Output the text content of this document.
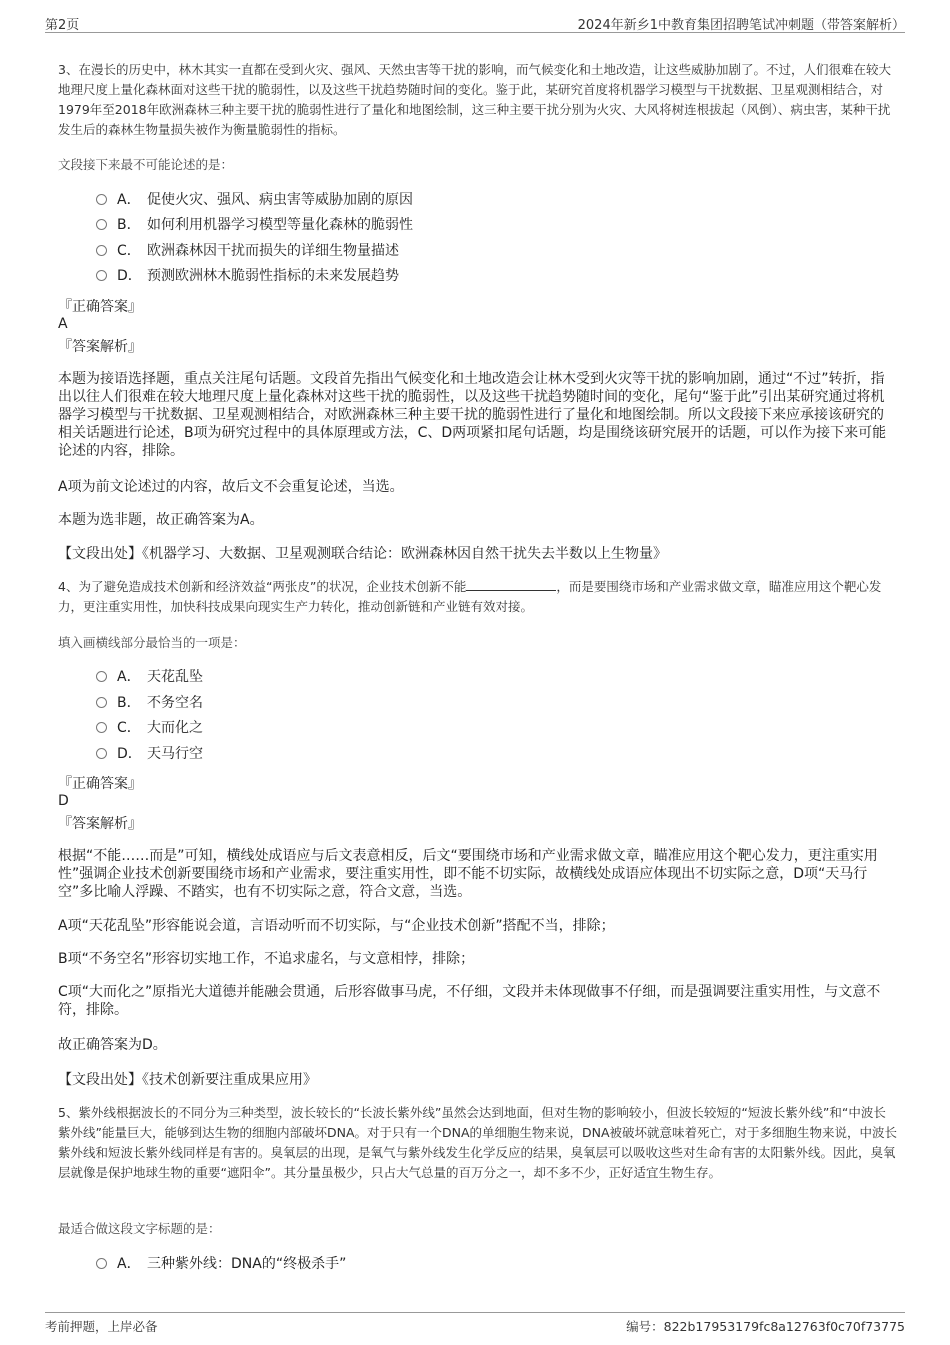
第2页	2024年新乡1中教育集团招聘笔试冲刺题（带答案解析）
3、在漫长的历史中，林木其实一直都在受到火灾、强风、天然虫害等干扰的影响，而气候变化和土地改造，让这些威胁加剧了。不过，人们很难在较大地理尺度上量化森林面对这些干扰的脆弱性，以及这些干扰趋势随时间的变化。鉴于此，某研究首度将机器学习模型与干扰数据、卫星观测相结合，对1979年至2018年欧洲森林三种主要干扰的脆弱性进行了量化和地图绘制，这三种主要干扰分别为火灾、大风将树连根拔起（风倒）、病虫害，某种干扰发生后的森林生物量损失被作为衡量脆弱性的指标。
文段接下来最不可能论述的是：
A． 促使火灾、强风、病虫害等威胁加剧的原因
B． 如何利用机器学习模型等量化森林的脆弱性
C． 欧洲森林因干扰而损失的详细生物量描述
D． 预测欧洲林木脆弱性指标的未来发展趋势
『正确答案』
A
『答案解析』
本题为接语选择题，重点关注尾句话题。文段首先指出气候变化和土地改造会让林木受到火灾等干扰的影响加剧，通过“不过”转折，指出以往人们很难在较大地理尺度上量化森林对这些干扰的脆弱性，以及这些干扰趋势随时间的变化，尾句“鉴于此”引出某研究通过将机器学习模型与干扰数据、卫星观测相结合，对欧洲森林三种主要干扰的脆弱性进行了量化和地图绘制。所以文段接下来应承接该研究的相关话题进行论述，B项为研究过程中的具体原理或方法，C、D两项紧扣尾句话题，均是围绕该研究展开的话题，可以作为接下来可能论述的内容，排除。
A项为前文论述过的内容，故后文不会重复论述，当选。
本题为选非题，故正确答案为A。
【文段出处】《机器学习、大数据、卫星观测联合结论：欧洲森林因自然干扰失去半数以上生物量》
4、为了避免造成技术创新和经济效益“两张皮”的状况，企业技术创新不能	，而是要围绕市场和产业需求做文章，瞄准应用这个靶心发力，更注重实用性，加快科技成果向现实生产力转化，推动创新链和产业链有效对接。
填入画横线部分最恰当的一项是：
A． 天花乱坠
B． 不务空名
C． 大而化之
D． 天马行空
『正确答案』
D
『答案解析』
根据“不能……而是”可知，横线处成语应与后文表意相反，后文“要围绕市场和产业需求做文章，瞄准应用这个靶心发力，更注重实用性”强调企业技术创新要围绕市场和产业需求，要注重实用性，即不能不切实际，故横线处成语应体现出不切实际之意，D项“天马行空”多比喻人浮躁、不踏实，也有不切实际之意，符合文意，当选。
A项“天花乱坠”形容能说会道，言语动听而不切实际，与“企业技术创新”搭配不当，排除；
B项“不务空名”形容切实地工作，不追求虚名，与文意相悖，排除；
C项“大而化之”原指光大道德并能融会贯通，后形容做事马虎，不仔细，文段并未体现做事不仔细，而是强调要注重实用性，与文意不符，排除。
故正确答案为D。
【文段出处】《技术创新要注重成果应用》
5、紫外线根据波长的不同分为三种类型，波长较长的“长波长紫外线”虽然会达到地面，但对生物的影响较小，但波长较短的“短波长紫外线”和“中波长紫外线”能量巨大，能够到达生物的细胞内部破坏DNA。对于只有一个DNA的单细胞生物来说，DNA被破坏就意味着死亡，对于多细胞生物来说，中波长紫外线和短波长紫外线同样是有害的。臭氧层的出现，是氧气与紫外线发生化学反应的结果，臭氧层可以吸收这些对生命有害的太阳紫外线。因此，臭氧层就像是保护地球生物的重要“遮阳伞”。其分量虽极少，只占大气总量的百万分之一，却不多不少，正好适宜生物生存。
最适合做这段文字标题的是：
A． 三种紫外线：DNA的“终极杀手”
考前押题，上岸必备	编号：822b17953179fc8a12763f0c70f73775
